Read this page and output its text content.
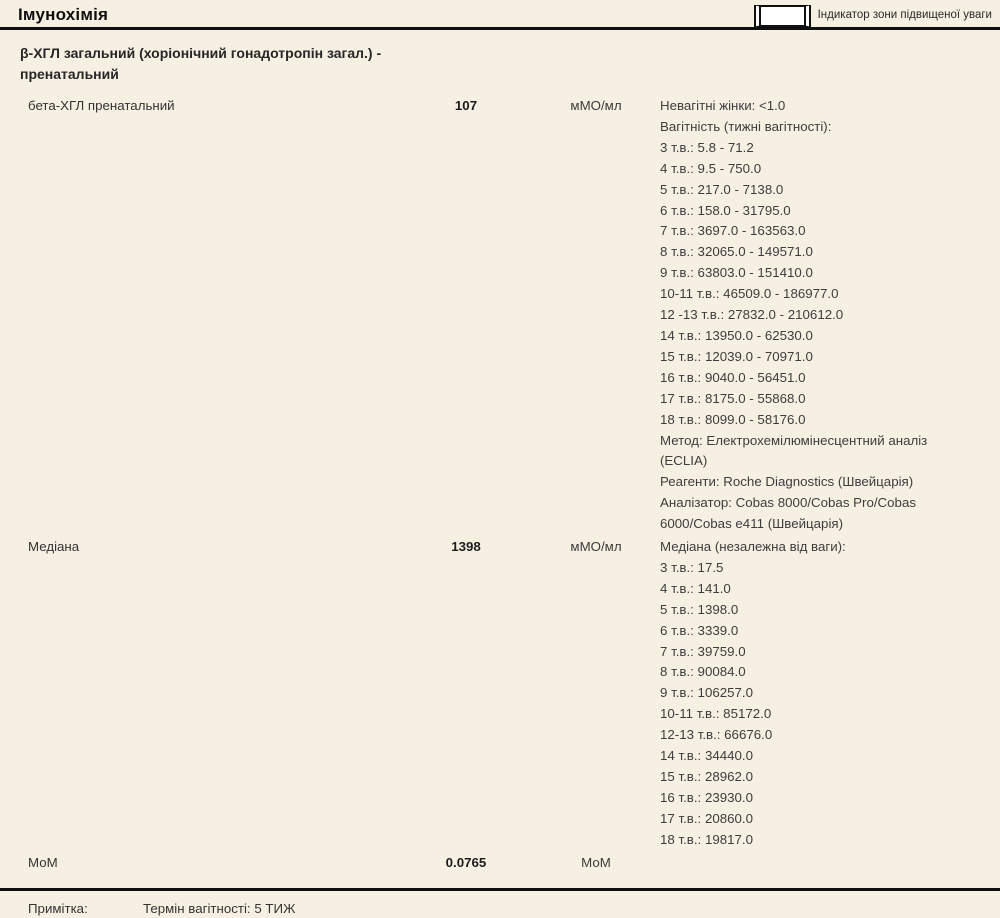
Імунохімія	Індикатор зони підвищеної уваги
β-ХГЛ загальний (хоріонічний гонадотропін загал.) - пренатальний
бета-ХГЛ пренатальний	107	мМО/мл	Невагітні жінки: <1.0
Вагітність (тижні вагітності):
3 т.в.: 5.8 - 71.2
4 т.в.: 9.5 - 750.0
5 т.в.: 217.0 - 7138.0
6 т.в.: 158.0 - 31795.0
7 т.в.: 3697.0 - 163563.0
8 т.в.: 32065.0 - 149571.0
9 т.в.: 63803.0 - 151410.0
10-11 т.в.: 46509.0 - 186977.0
12 -13 т.в.: 27832.0 - 210612.0
14 т.в.: 13950.0 - 62530.0
15 т.в.: 12039.0 - 70971.0
16 т.в.: 9040.0 - 56451.0
17 т.в.: 8175.0 - 55868.0
18 т.в.: 8099.0 - 58176.0
Метод: Електрохемілюмінесцентний аналіз
(ECLIA)
Реагенти: Roche Diagnostics (Швейцарія)
Аналізатор: Cobas 8000/Cobas Pro/Cobas
6000/Cobas e411 (Швейцарія)
Медіана	1398	мМО/мл	Медіана (незалежна від ваги):
3 т.в.: 17.5
4 т.в.: 141.0
5 т.в.: 1398.0
6 т.в.: 3339.0
7 т.в.: 39759.0
8 т.в.: 90084.0
9 т.в.: 106257.0
10-11 т.в.: 85172.0
12-13 т.в.: 66676.0
14 т.в.: 34440.0
15 т.в.: 28962.0
16 т.в.: 23930.0
17 т.в.: 20860.0
18 т.в.: 19817.0
МоМ	0.0765	МоМ
Примітка:	Термін вагітності: 5 ТИЖ
